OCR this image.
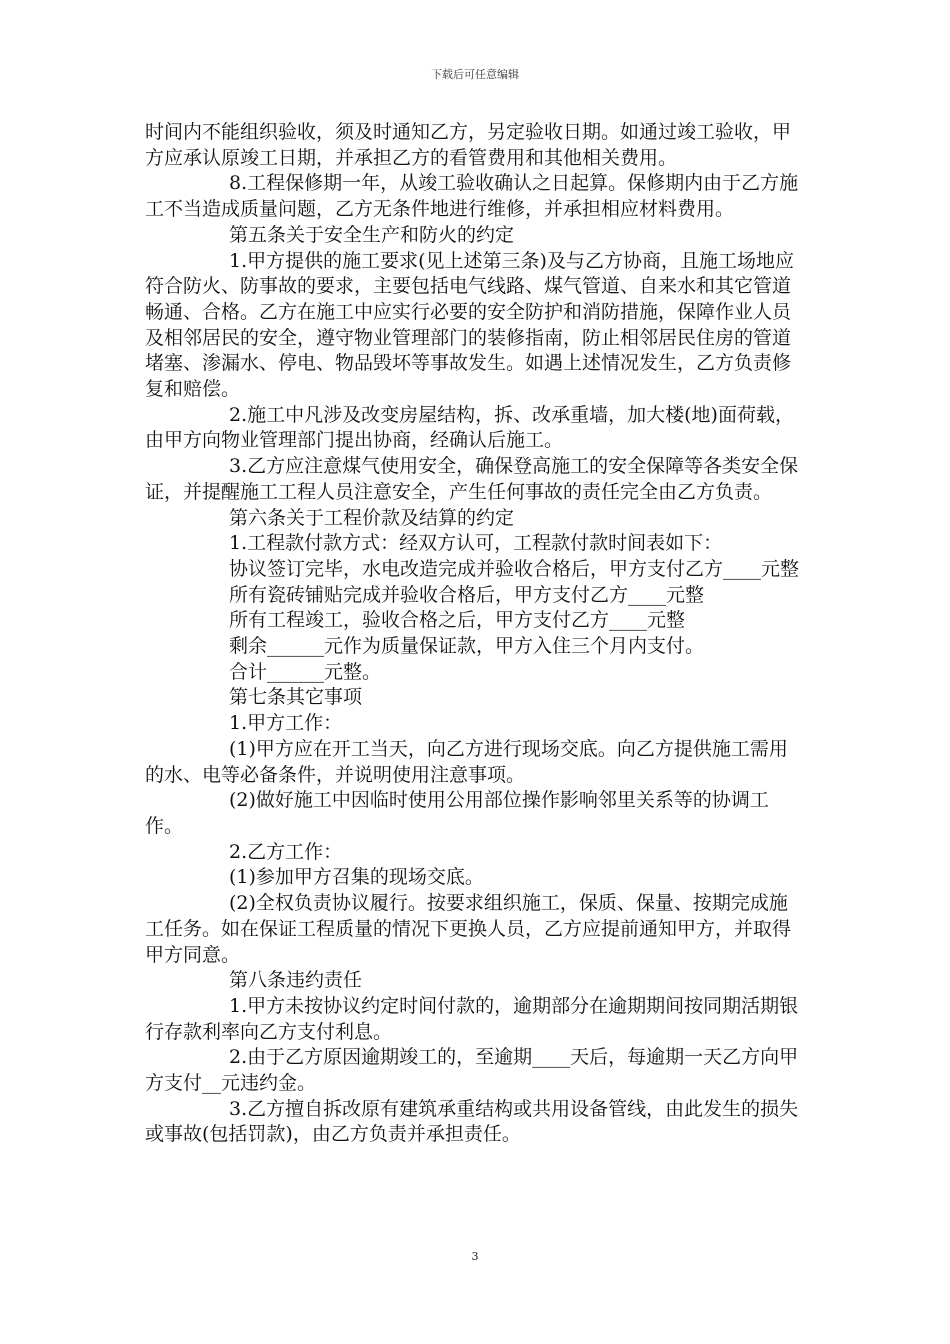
下载后可任意编辑

时间内不能组织验收，须及时通知乙方，另定验收日期。如通过竣工验收，甲方应承认原竣工日期，并承担乙方的看管费用和其他相关费用。

8.工程保修期一年，从竣工验收确认之日起算。保修期内由于乙方施工不当造成质量问题，乙方无条件地进行维修，并承担相应材料费用。

第五条关于安全生产和防火的约定

1.甲方提供的施工要求(见上述第三条)及与乙方协商，且施工场地应符合防火、防事故的要求，主要包括电气线路、煤气管道、自来水和其它管道畅通、合格。乙方在施工中应实行必要的安全防护和消防措施，保障作业人员及相邻居民的安全，遵守物业管理部门的装修指南，防止相邻居民住房的管道堵塞、渗漏水、停电、物品毁坏等事故发生。如遇上述情况发生，乙方负责修复和赔偿。

2.施工中凡涉及改变房屋结构，拆、改承重墙，加大楼(地)面荷载，由甲方向物业管理部门提出协商，经确认后施工。

3.乙方应注意煤气使用安全，确保登高施工的安全保障等各类安全保证，并提醒施工工程人员注意安全，产生任何事故的责任完全由乙方负责。

第六条关于工程价款及结算的约定

1.工程款付款方式：经双方认可，工程款付款时间表如下：

协议签订完毕，水电改造完成并验收合格后，甲方支付乙方____元整

所有瓷砖铺贴完成并验收合格后，甲方支付乙方____元整

所有工程竣工，验收合格之后，甲方支付乙方____元整

剩余______元作为质量保证款，甲方入住三个月内支付。

合计______元整。

第七条其它事项

1.甲方工作：

(1)甲方应在开工当天，向乙方进行现场交底。向乙方提供施工需用的水、电等必备条件，并说明使用注意事项。

(2)做好施工中因临时使用公用部位操作影响邻里关系等的协调工作。

2.乙方工作：

(1)参加甲方召集的现场交底。

(2)全权负责协议履行。按要求组织施工，保质、保量、按期完成施工任务。如在保证工程质量的情况下更换人员，乙方应提前通知甲方，并取得甲方同意。

第八条违约责任

1.甲方未按协议约定时间付款的，逾期部分在逾期期间按同期活期银行存款利率向乙方支付利息。

2.由于乙方原因逾期竣工的，至逾期____天后，每逾期一天乙方向甲方支付__元违约金。

3.乙方擅自拆改原有建筑承重结构或共用设备管线，由此发生的损失或事故(包括罚款)，由乙方负责并承担责任。

3
